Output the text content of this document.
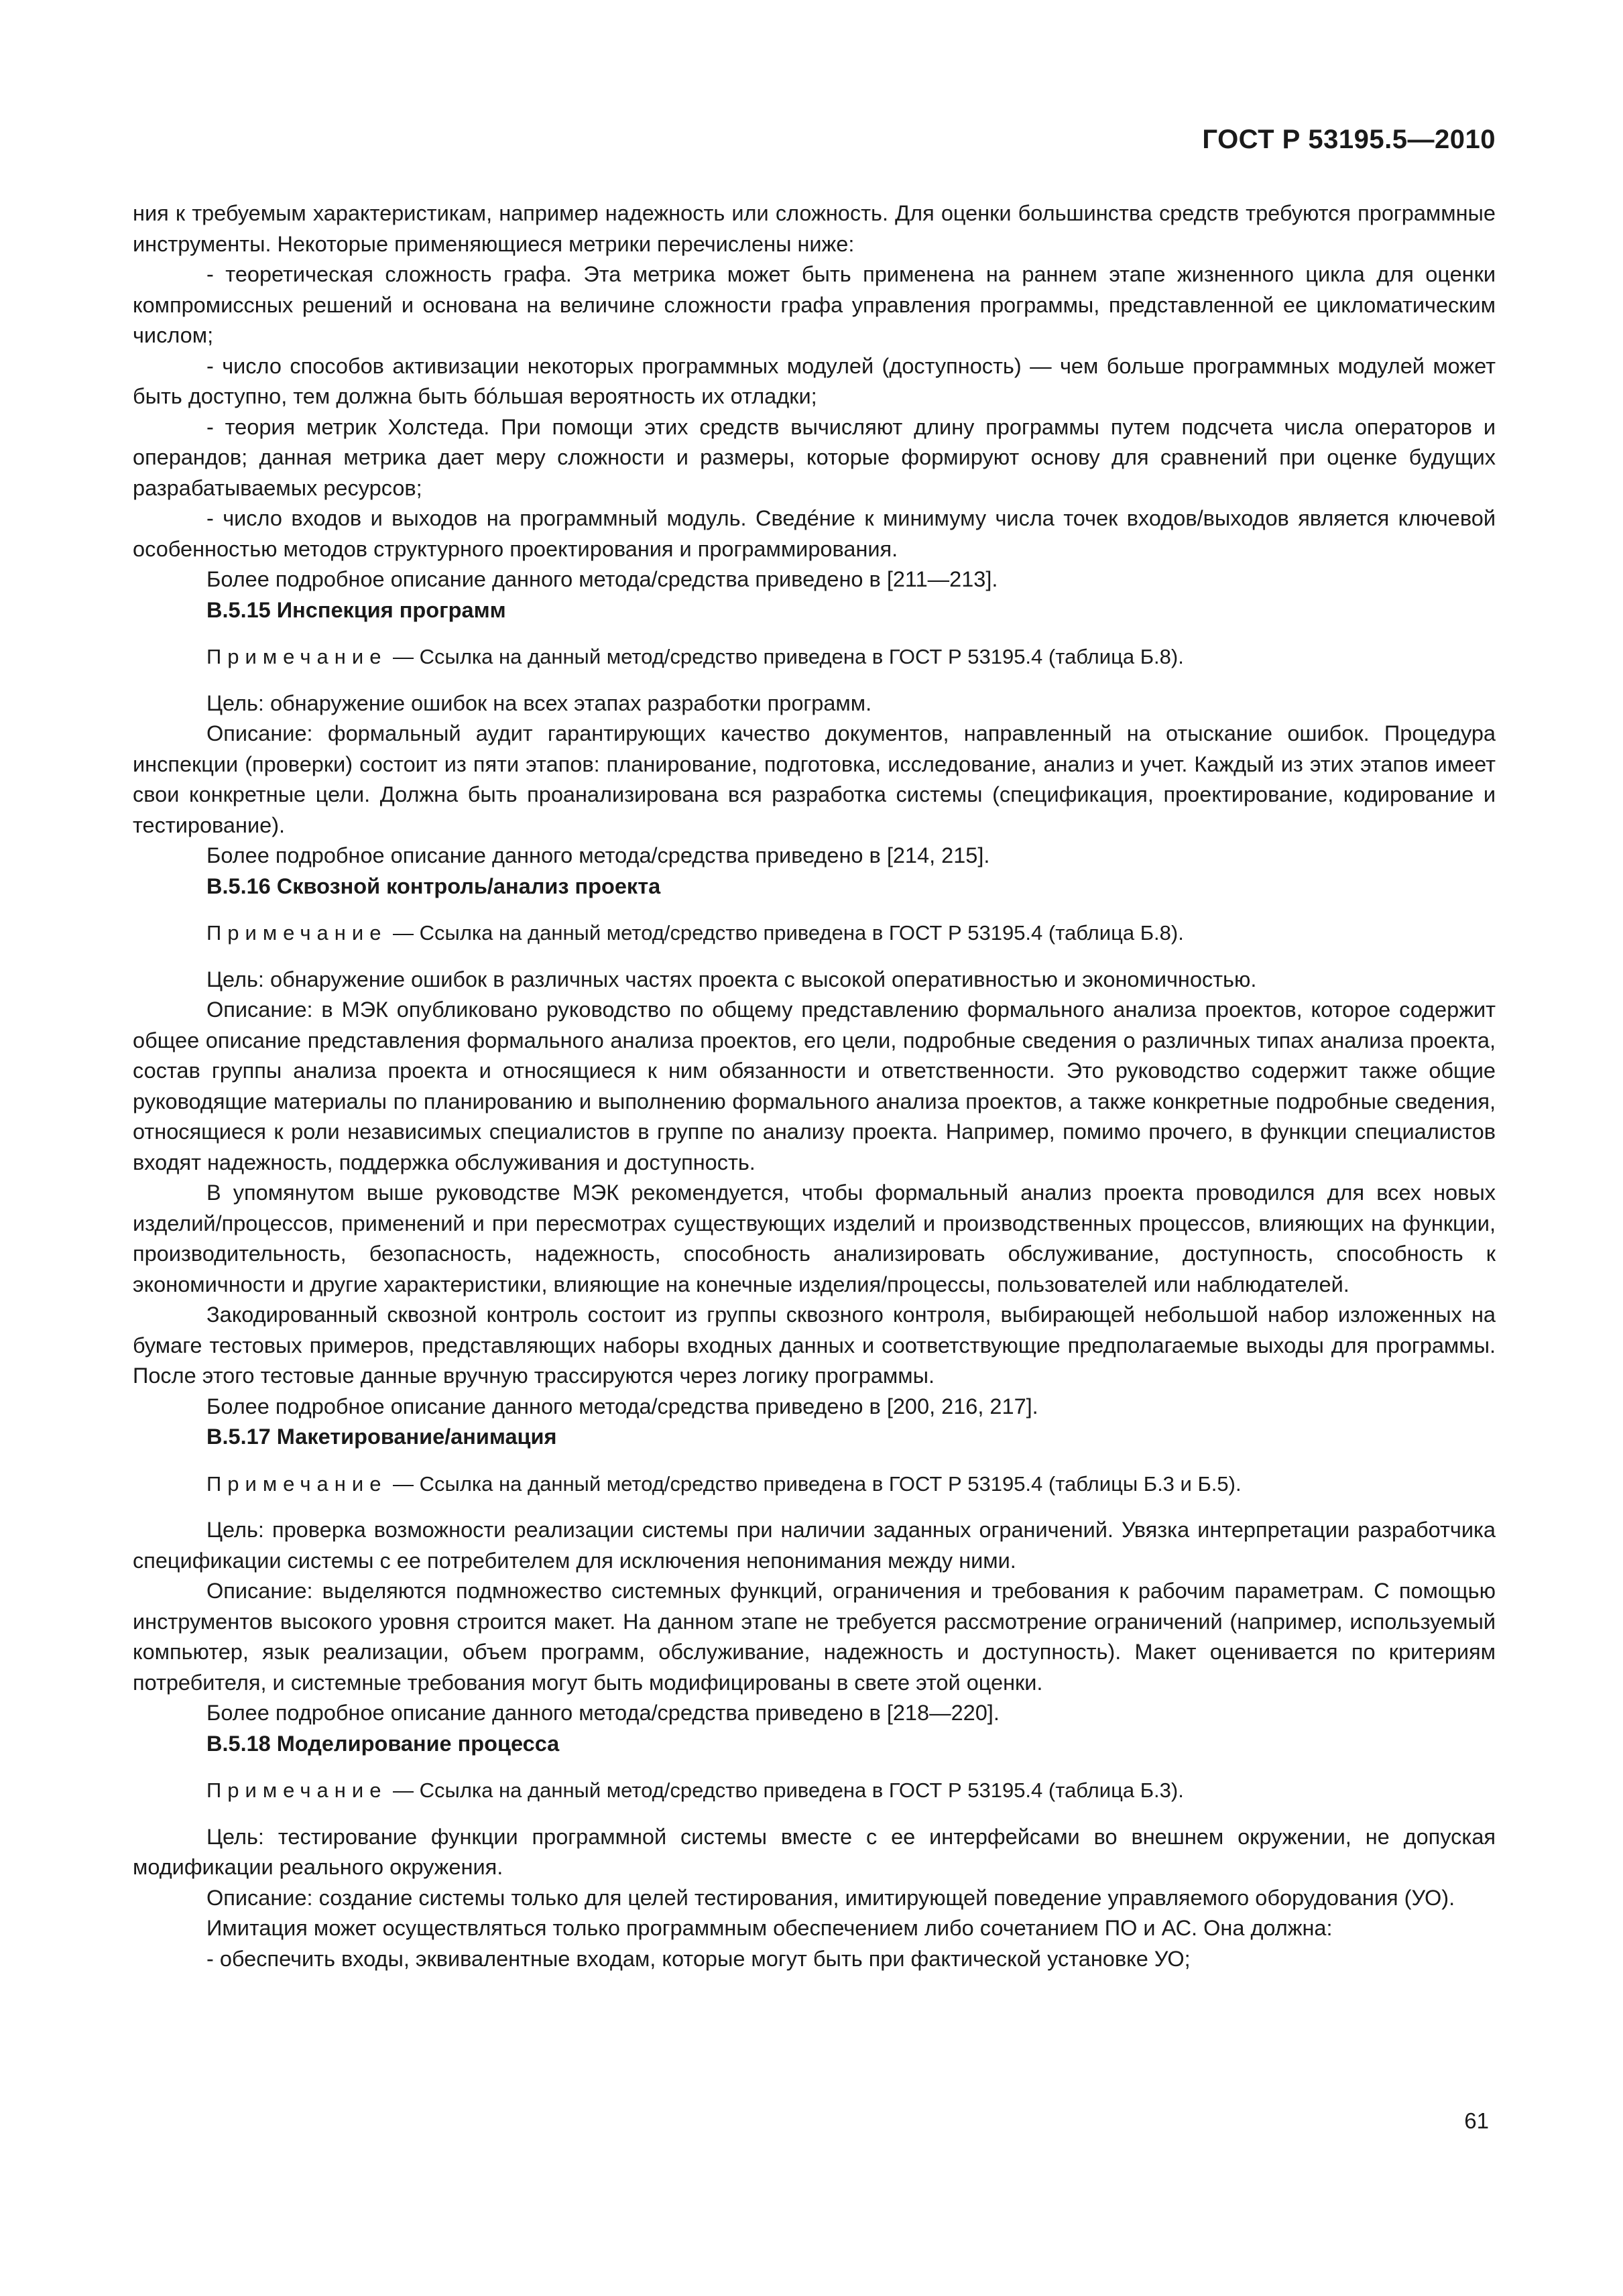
ГОСТ Р 53195.5—2010

ния к требуемым характеристикам, например надежность или сложность. Для оценки большинства средств требуются программные инструменты. Некоторые применяющиеся метрики перечислены ниже:

- теоретическая сложность графа. Эта метрика может быть применена на раннем этапе жизненного цикла для оценки компромиссных решений и основана на величине сложности графа управления программы, представленной ее цикломатическим числом;

- число способов активизации некоторых программных модулей (доступность) — чем больше программных модулей может быть доступно, тем должна быть бóльшая вероятность их отладки;

- теория метрик Холстеда. При помощи этих средств вычисляют длину программы путем подсчета числа операторов и операндов; данная метрика дает меру сложности и размеры, которые формируют основу для сравнений при оценке будущих разрабатываемых ресурсов;

- число входов и выходов на программный модуль. Сведéние к минимуму числа точек входов/выходов является ключевой особенностью методов структурного проектирования и программирования.

Более подробное описание данного метода/средства приведено в [211—213].

В.5.15 Инспекция программ
Примечание — Ссылка на данный метод/средство приведена в ГОСТ Р 53195.4 (таблица Б.8).

Цель: обнаружение ошибок на всех этапах разработки программ.

Описание: формальный аудит гарантирующих качество документов, направленный на отыскание ошибок. Процедура инспекции (проверки) состоит из пяти этапов: планирование, подготовка, исследование, анализ и учет. Каждый из этих этапов имеет свои конкретные цели. Должна быть проанализирована вся разработка системы (спецификация, проектирование, кодирование и тестирование).

Более подробное описание данного метода/средства приведено в [214, 215].

В.5.16 Сквозной контроль/анализ проекта
Примечание — Ссылка на данный метод/средство приведена в ГОСТ Р 53195.4 (таблица Б.8).

Цель: обнаружение ошибок в различных частях проекта с высокой оперативностью и экономичностью.

Описание: в МЭК опубликовано руководство по общему представлению формального анализа проектов, которое содержит общее описание представления формального анализа проектов, его цели, подробные сведения о различных типах анализа проекта, состав группы анализа проекта и относящиеся к ним обязанности и ответственности. Это руководство содержит также общие руководящие материалы по планированию и выполнению формального анализа проектов, а также конкретные подробные сведения, относящиеся к роли независимых специалистов в группе по анализу проекта. Например, помимо прочего, в функции специалистов входят надежность, поддержка обслуживания и доступность.

В упомянутом выше руководстве МЭК рекомендуется, чтобы формальный анализ проекта проводился для всех новых изделий/процессов, применений и при пересмотрах существующих изделий и производственных процессов, влияющих на функции, производительность, безопасность, надежность, способность анализировать обслуживание, доступность, способность к экономичности и другие характеристики, влияющие на конечные изделия/процессы, пользователей или наблюдателей.

Закодированный сквозной контроль состоит из группы сквозного контроля, выбирающей небольшой набор изложенных на бумаге тестовых примеров, представляющих наборы входных данных и соответствующие предполагаемые выходы для программы. После этого тестовые данные вручную трассируются через логику программы.

Более подробное описание данного метода/средства приведено в [200, 216, 217].

В.5.17 Макетирование/анимация
Примечание — Ссылка на данный метод/средство приведена в ГОСТ Р 53195.4 (таблицы Б.3 и Б.5).

Цель: проверка возможности реализации системы при наличии заданных ограничений. Увязка интерпретации разработчика спецификации системы с ее потребителем для исключения непонимания между ними.

Описание: выделяются подмножество системных функций, ограничения и требования к рабочим параметрам. С помощью инструментов высокого уровня строится макет. На данном этапе не требуется рассмотрение ограничений (например, используемый компьютер, язык реализации, объем программ, обслуживание, надежность и доступность). Макет оценивается по критериям потребителя, и системные требования могут быть модифицированы в свете этой оценки.

Более подробное описание данного метода/средства приведено в [218—220].

В.5.18 Моделирование процесса
Примечание — Ссылка на данный метод/средство приведена в ГОСТ Р 53195.4 (таблица Б.3).

Цель: тестирование функции программной системы вместе с ее интерфейсами во внешнем окружении, не допуская модификации реального окружения.

Описание: создание системы только для целей тестирования, имитирующей поведение управляемого оборудования (УО).

Имитация может осуществляться только программным обеспечением либо сочетанием ПО и АС. Она должна:

- обеспечить входы, эквивалентные входам, которые могут быть при фактической установке УО;

61
